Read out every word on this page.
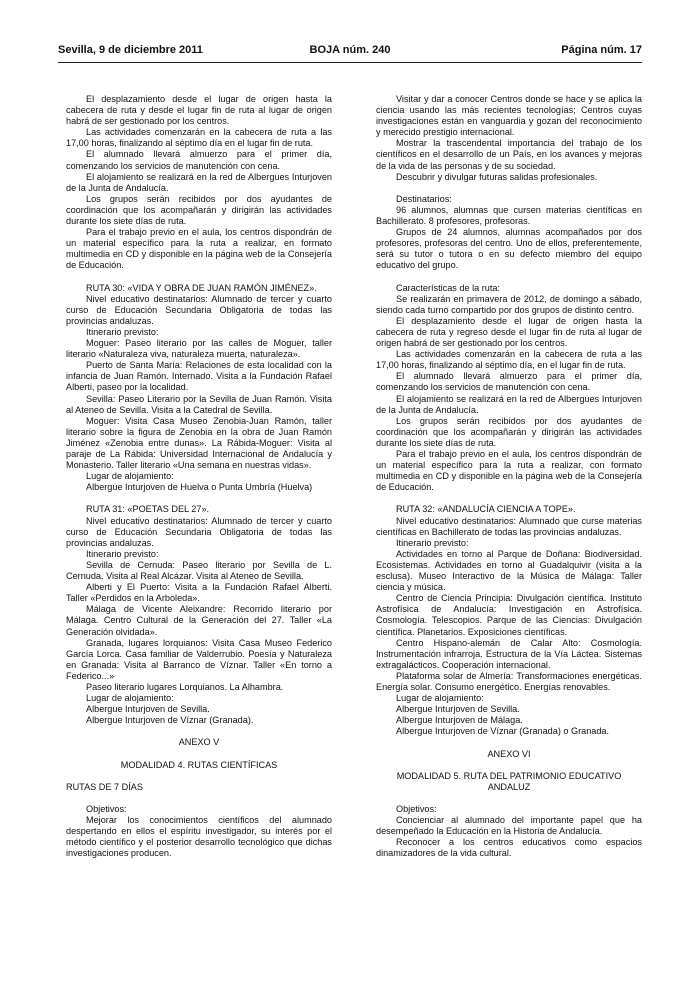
Sevilla, 9 de diciembre 2011	BOJA núm. 240	Página núm. 17

El desplazamiento desde el lugar de origen hasta la cabecera de ruta y desde el lugar fin de ruta al lugar de origen habrá de ser gestionado por los centros.

Las actividades comenzarán en la cabecera de ruta a las 17,00 horas, finalizando al séptimo día en el lugar fin de ruta.

El alumnado llevará almuerzo para el primer día, comenzando los servicios de manutención con cena.

El alojamiento se realizará en la red de Albergues Inturjoven de la Junta de Andalucía.

Los grupos serán recibidos por dos ayudantes de coordinación que los acompañarán y dirigirán las actividades durante los siete días de ruta.

Para el trabajo previo en el aula, los centros dispondrán de un material específico para la ruta a realizar, en formato multimedia en CD y disponible en la página web de la Consejería de Educación.

RUTA 30: «VIDA Y OBRA DE JUAN RAMÓN JIMÉNEZ».

Nivel educativo destinatarios: Alumnado de tercer y cuarto curso de Educación Secundaria Obligatoria de todas las provincias andaluzas.

Itinerario previsto:

Moguer: Paseo literario por las calles de Moguer, taller literario «Naturaleza viva, naturaleza muerta, naturaleza».

Puerto de Santa María: Relaciones de esta localidad con la infancia de Juan Ramón. Internado. Visita a la Fundación Rafael Alberti, paseo por la localidad.

Sevilla: Paseo Literario por la Sevilla de Juan Ramón. Visita al Ateneo de Sevilla. Visita a la Catedral de Sevilla.

Moguer: Visita Casa Museo Zenobia-Juan Ramón, taller literario sobre la figura de Zenobia en la obra de Juan Ramón Jiménez «Zenobia entre dunas». La Rábida-Moguer: Visita al paraje de La Rábida: Universidad Internacional de Andalucía y Monasterio. Taller literario «Una semana en nuestras vidas».

Lugar de alojamiento:

Albergue Inturjoven de Huelva o Punta Umbría (Huelva)

RUTA 31: «POETAS DEL 27».

Nivel educativo destinatarios: Alumnado de tercer y cuarto curso de Educación Secundaria Obligatoria de todas las provincias andaluzas.

Itinerario previsto:

Sevilla de Cernuda: Paseo literario por Sevilla de L. Cernuda. Visita al Real Alcázar. Visita al Ateneo de Sevilla.

Alberti y El Puerto: Visita a la Fundación Rafael Alberti. Taller «Perdidos en la Arboleda».

Málaga de Vicente Aleixandre: Recorrido literario por Málaga. Centro Cultural de la Generación del 27. Taller «La Generación olvidada».

Granada, lugares lorquianos: Visita Casa Museo Federico García Lorca. Casa familiar de Valderrubio. Poesía y Naturaleza en Granada: Visita al Barranco de Víznar. Taller «En torno a Federico...»

Paseo literario lugares Lorquianos. La Alhambra.

Lugar de alojamiento:

Albergue Inturjoven de Sevilla.

Albergue Inturjoven de Víznar (Granada).

ANEXO V

MODALIDAD 4. RUTAS CIENTÍFICAS

RUTAS DE 7 DÍAS

Objetivos:

Mejorar los conocimientos científicos del alumnado despertando en ellos el espíritu investigador, su interés por el método científico y el posterior desarrollo tecnológico que dichas investigaciones producen.

Visitar y dar a conocer Centros donde se hace y se aplica la ciencia usando las más recientes tecnologías; Centros cuyas investigaciones están en vanguardia y gozan del reconocimiento y merecido prestigio internacional.

Mostrar la trascendental importancia del trabajo de los científicos en el desarrollo de un País, en los avances y mejoras de la vida de las personas y de su sociedad.

Descubrir y divulgar futuras salidas profesionales.

Destinatarios:

96 alumnos, alumnas que cursen materias científicas en Bachillerato. 8 profesores, profesoras.

Grupos de 24 alumnos, alumnas acompañados por dos profesores, profesoras del centro. Uno de ellos, preferentemente, será su tutor o tutora o en su defecto miembro del equipo educativo del grupo.

Características de la ruta:

Se realizarán en primavera de 2012, de domingo a sábado, siendo cada turno compartido por dos grupos de distinto centro.

El desplazamiento desde el lugar de origen hasta la cabecera de ruta y regreso desde el lugar fin de ruta al lugar de origen habrá de ser gestionado por los centros.

Las actividades comenzarán en la cabecera de ruta a las 17,00 horas, finalizando al séptimo día, en el lugar fin de ruta.

El alumnado llevará almuerzo para el primer día, comenzando los servicios de manutención con cena.

El alojamiento se realizará en la red de Albergues Inturjoven de la Junta de Andalucía.

Los grupos serán recibidos por dos ayudantes de coordinación que los acompañarán y dirigirán las actividades durante los siete días de ruta.

Para el trabajo previo en el aula, los centros dispondrán de un material específico para la ruta a realizar, con formato multimedia en CD y disponible en la página web de la Consejería de Educación.

RUTA 32: «ANDALUCÍA CIENCIA A TOPE».

Nivel educativo destinatarios: Alumnado que curse materias científicas en Bachillerato de todas las provincias andaluzas.

Itinerario previsto:

Actividades en torno al Parque de Doñana: Biodiversidad. Ecosistemas. Actividades en torno al Guadalquivir (visita a la esclusa). Museo Interactivo de la Música de Málaga: Taller ciencia y música.

Centro de Ciencia Principia: Divulgación científica. Instituto Astrofísica de Andalucía: Investigación en Astrofísica. Cosmología. Telescopios. Parque de las Ciencias: Divulgación científica. Planetarios. Exposiciones científicas.

Centro Hispano-alemán de Calar Alto: Cosmología. Instrumentación infrarroja. Estructura de la Vía Láctea. Sistemas extragalácticos. Cooperación internacional.

Plataforma solar de Almería: Transformaciones energéticas. Energía solar. Consumo energético. Energías renovables.

Lugar de alojamiento:

Albergue Inturjoven de Sevilla.

Albergue Inturjoven de Málaga.

Albergue Inturjoven de Víznar (Granada) o Granada.

ANEXO VI

MODALIDAD 5. RUTA DEL PATRIMONIO EDUCATIVO ANDALUZ

Objetivos:

Concienciar al alumnado del importante papel que ha desempeñado la Educación en la Historia de Andalucía.

Reconocer a los centros educativos como espacios dinamizadores de la vida cultural.
